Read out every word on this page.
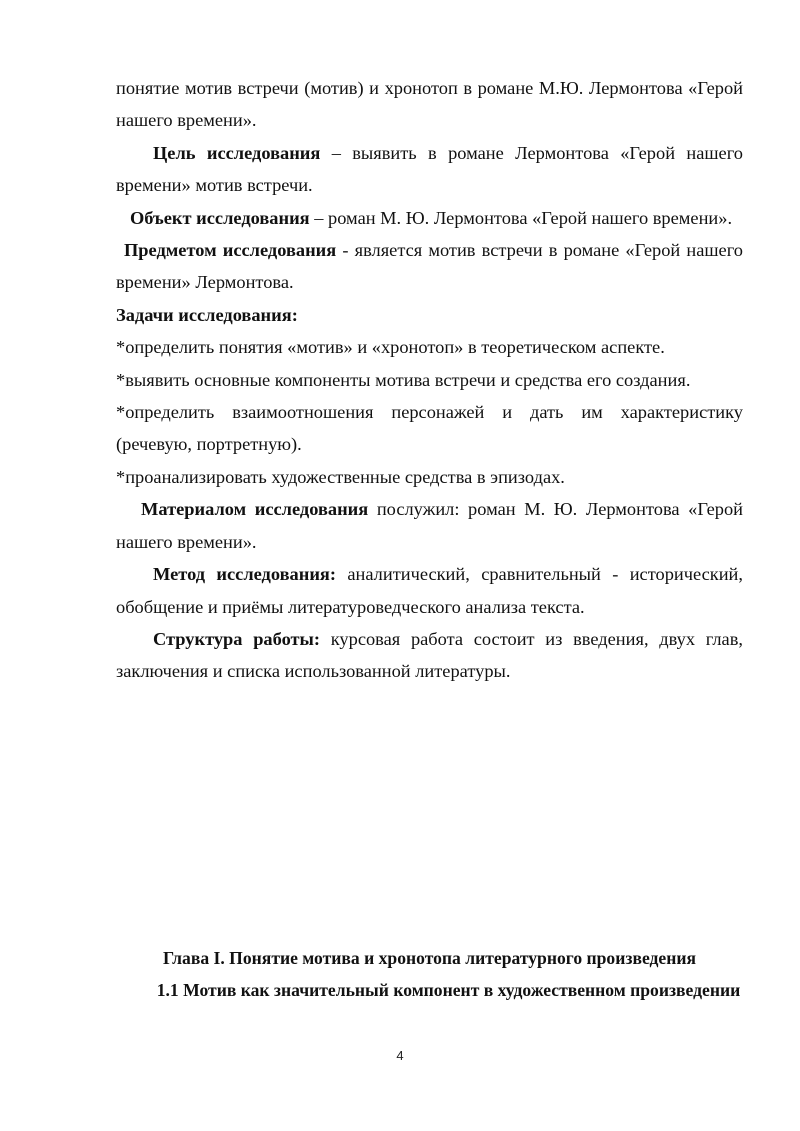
понятие мотив встречи (мотив) и хронотоп в романе М.Ю. Лермонтова «Герой нашего времени».

Цель исследования – выявить в романе Лермонтова «Герой нашего времени» мотив встречи.

Объект исследования – роман М. Ю. Лермонтова «Герой нашего времени».

Предметом исследования - является мотив встречи в романе «Герой нашего времени» Лермонтова.

Задачи исследования:

*определить понятия «мотив» и «хронотоп» в теоретическом аспекте.

*выявить основные компоненты мотива встречи и средства его создания.

*определить взаимоотношения персонажей и дать им характеристику (речевую, портретную).

*проанализировать художественные средства в эпизодах.

Материалом исследования послужил: роман М. Ю. Лермонтова «Герой нашего времени».

Метод исследования: аналитический, сравнительный - исторический, обобщение и приёмы литературоведческого анализа текста.

Структура работы: курсовая работа состоит из введения, двух глав, заключения и списка использованной литературы.

Глава I. Понятие мотива и хронотопа литературного произведения

1.1 Мотив как значительный компонент в художественном произведении

4
